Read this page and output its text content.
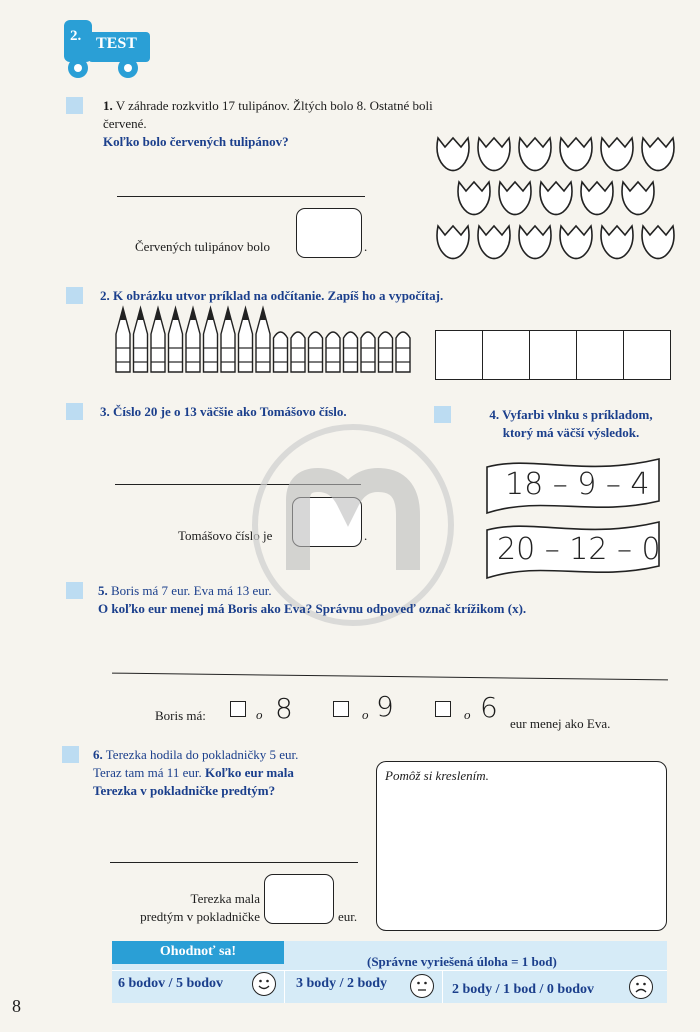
2. TEST
1. V záhrade rozkvitlo 17 tulipánov. Žltých bolo 8. Ostatné boli červené.
Koľko bolo červených tulipánov?
Červených tulipánov bolo	.
2. K obrázku utvor príklad na odčítanie. Zapíš ho a vypočítaj.
3. Číslo 20 je o 13 väčšie ako Tomášovo číslo.
Tomášovo číslo je	.
4. Vyfarbi vlnku s príkladom,
ktorý má väčší výsledok.
18 – 9 – 4
20 – 12 – 0
5. Boris má 7 eur. Eva má 13 eur.
O koľko eur menej má Boris ako Eva? Správnu odpoveď označ krížikom (x).
Boris má:	o 8	o 9	o 6 eur menej ako Eva.
6. Terezka hodila do pokladničky 5 eur.
Teraz tam má 11 eur. Koľko eur mala
Terezka v pokladničke predtým?
Pomôž si kreslením.
Terezka mala
predtým v pokladničke	eur.
Ohodnoť sa!
(Správne vyriešená úloha = 1 bod)
6 bodov / 5 bodov	3 body / 2 body	2 body / 1 bod / 0 bodov
8
